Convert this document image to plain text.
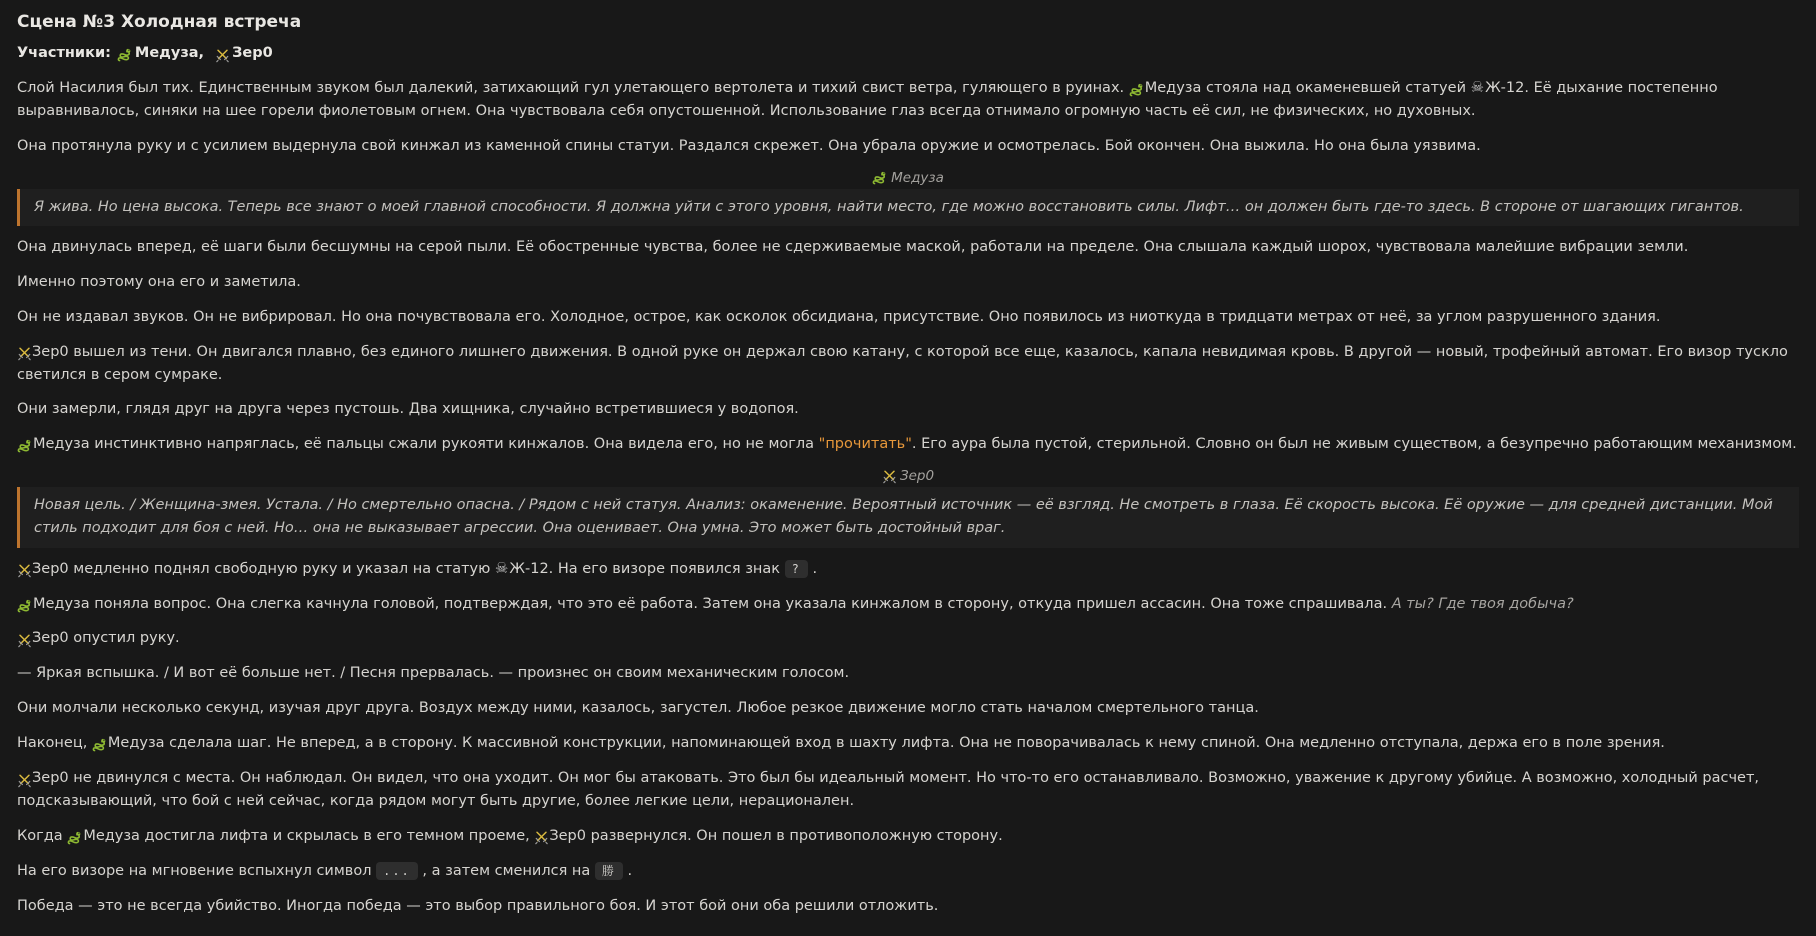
Сцена №3 Холодная встреча
Участники: Медуза, Зер0

Слой Насилия был тих. Единственным звуком был далекий, затихающий гул улетающего вертолета и тихий свист ветра, гуляющего в руинах. Медуза стояла над окаменевшей статуей ☠Ж-12. Её дыхание постепенно выравнивалось, синяки на шее горели фиолетовым огнем. Она чувствовала себя опустошенной. Использование глаз всегда отнимало огромную часть её сил, не физических, но духовных.

Она протянула руку и с усилием выдернула свой кинжал из каменной спины статуи. Раздался скрежет. Она убрала оружие и осмотрелась. Бой окончен. Она выжила. Но она была уязвима.

Медуза
Я жива. Но цена высока. Теперь все знают о моей главной способности. Я должна уйти с этого уровня, найти место, где можно восстановить силы. Лифт… он должен быть где-то здесь. В стороне от шагающих гигантов.

Она двинулась вперед, её шаги были бесшумны на серой пыли. Её обостренные чувства, более не сдерживаемые маской, работали на пределе. Она слышала каждый шорох, чувствовала малейшие вибрации земли.

Именно поэтому она его и заметила.

Он не издавал звуков. Он не вибрировал. Но она почувствовала его. Холодное, острое, как осколок обсидиана, присутствие. Оно появилось из ниоткуда в тридцати метрах от неё, за углом разрушенного здания.

Зер0 вышел из тени. Он двигался плавно, без единого лишнего движения. В одной руке он держал свою катану, с которой все еще, казалось, капала невидимая кровь. В другой — новый, трофейный автомат. Его визор тускло светился в сером сумраке.

Они замерли, глядя друг на друга через пустошь. Два хищника, случайно встретившиеся у водопоя.

Медуза инстинктивно напряглась, её пальцы сжали рукояти кинжалов. Она видела его, но не могла "прочитать". Его аура была пустой, стерильной. Словно он был не живым существом, а безупречно работающим механизмом.

Зер0
Новая цель. / Женщина-змея. Устала. / Но смертельно опасна. / Рядом с ней статуя. Анализ: окаменение. Вероятный источник — её взгляд. Не смотреть в глаза. Её скорость высока. Её оружие — для средней дистанции. Мой стиль подходит для боя с ней. Но… она не выказывает агрессии. Она оценивает. Она умна. Это может быть достойный враг.

Зер0 медленно поднял свободную руку и указал на статую ☠Ж-12. На его визоре появился знак ? .

Медуза поняла вопрос. Она слегка качнула головой, подтверждая, что это её работа. Затем она указала кинжалом в сторону, откуда пришел ассасин. Она тоже спрашивала. А ты? Где твоя добыча?

Зер0 опустил руку.

— Яркая вспышка. / И вот её больше нет. / Песня прервалась. — произнес он своим механическим голосом.

Они молчали несколько секунд, изучая друг друга. Воздух между ними, казалось, загустел. Любое резкое движение могло стать началом смертельного танца.

Наконец, Медуза сделала шаг. Не вперед, а в сторону. К массивной конструкции, напоминающей вход в шахту лифта. Она не поворачивалась к нему спиной. Она медленно отступала, держа его в поле зрения.

Зер0 не двинулся с места. Он наблюдал. Он видел, что она уходит. Он мог бы атаковать. Это был бы идеальный момент. Но что-то его останавливало. Возможно, уважение к другому убийце. А возможно, холодный расчет, подсказывающий, что бой с ней сейчас, когда рядом могут быть другие, более легкие цели, нерационален.

Когда Медуза достигла лифта и скрылась в его темном проеме, Зер0 развернулся. Он пошел в противоположную сторону.

На его визоре на мгновение вспыхнул символ ... , а затем сменился на 勝 .

Победа — это не всегда убийство. Иногда победа — это выбор правильного боя. И этот бой они оба решили отложить.
